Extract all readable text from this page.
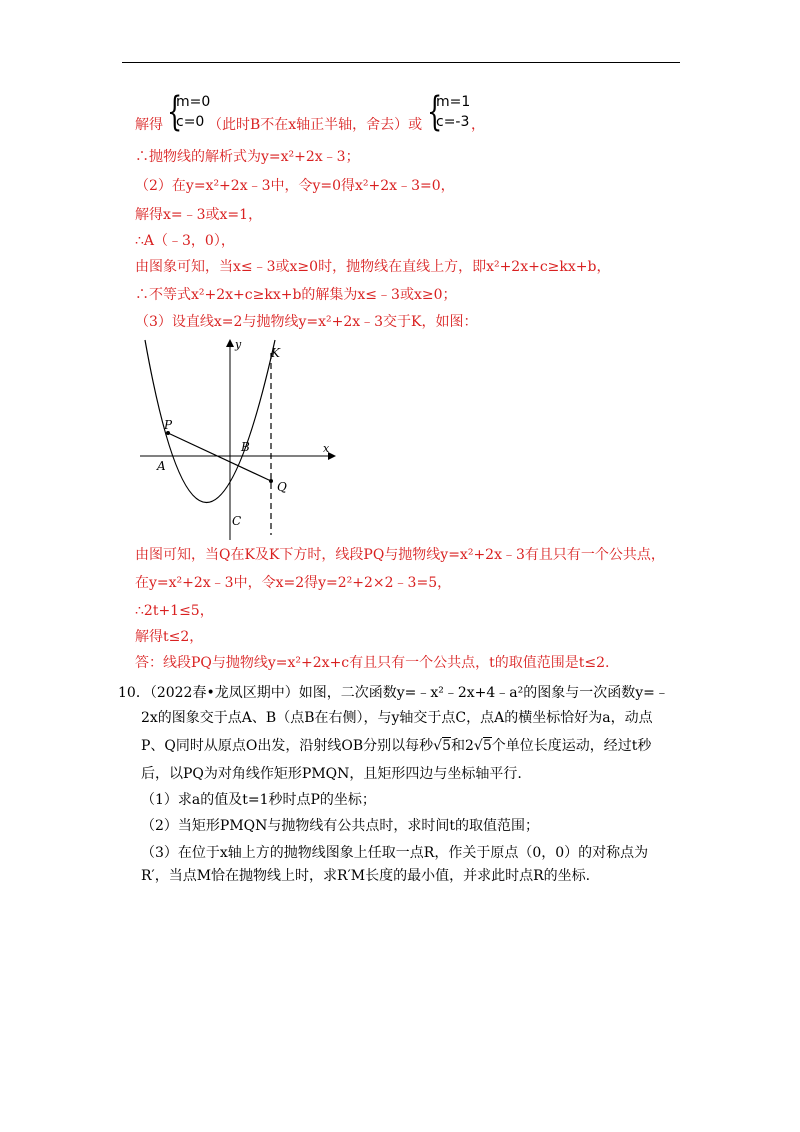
解得 {
m=0
c=0 （此时B不在x轴正半轴，舍去）或 {
m=1
c=-3 ，
∴抛物线的解析式为y=x²+2x﹣3；
（2）在y=x²+2x﹣3中，令y=0得x²+2x﹣3=0，
解得x=﹣3或x=1，
∴A（﹣3，0），
由图象可知，当x≤﹣3或x≥0时，抛物线在直线上方，即x²+2x+c≥kx+b，
∴不等式x²+2x+c≥kx+b的解集为x≤﹣3或x≥0；
（3）设直线x=2与抛物线y=x²+2x﹣3交于K，如图：
y
x
K
P
B
A
Q
C
由图可知，当Q在K及K下方时，线段PQ与抛物线y=x²+2x﹣3有且只有一个公共点，
在y=x²+2x﹣3中，令x=2得y=2²+2×2﹣3=5，
∴2t+1≤5，
解得t≤2，
答：线段PQ与抛物线y=x²+2x+c有且只有一个公共点，t的取值范围是t≤2.
10．（2022春•龙凤区期中）如图，二次函数y=﹣x²﹣2x+4﹣a²的图象与一次函数y=﹣
2x的图象交于点A、B（点B在右侧），与y轴交于点C，点A的横坐标恰好为a，动点
P、Q同时从原点O出发，沿射线OB分别以每秒√5和2√5个单位长度运动，经过t秒
后，以PQ为对角线作矩形PMQN，且矩形四边与坐标轴平行.
（1）求a的值及t=1秒时点P的坐标；
（2）当矩形PMQN与抛物线有公共点时，求时间t的取值范围；
（3）在位于x轴上方的抛物线图象上任取一点R，作关于原点（0，0）的对称点为
R′，当点M恰在抛物线上时，求R′M长度的最小值，并求此时点R的坐标.
